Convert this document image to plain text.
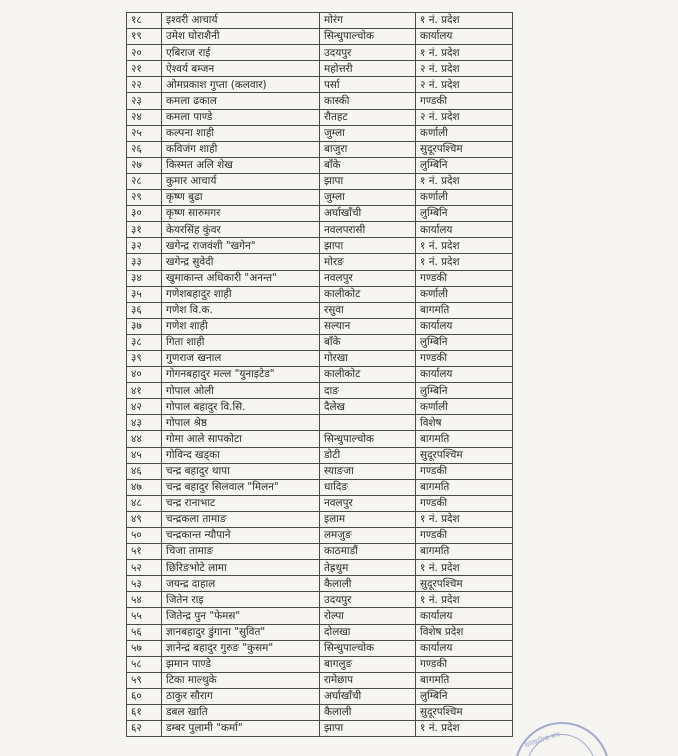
१८	इश्वरी आचार्य	मोरंग	१ नं. प्रदेश
१९	उमेश घोराशैनी	सिन्धुपाल्चोक	कार्यालय
२०	एबिराज राई	उदयपुर	१ नं. प्रदेश
२१	ऐश्वर्य बम्जन	महोत्तरी	२ नं. प्रदेश
२२	ओमप्रकाश गुप्ता (कलवार)	पर्सा	२ नं. प्रदेश
२३	कमला ढकाल	कास्की	गण्डकी
२४	कमला पाण्डे	रौतहट	२ नं. प्रदेश
२५	कल्पना शाही	जुम्ला	कर्णाली
२६	कविजंग शाही	बाजुरा	सुदूरपश्चिम
२७	किस्मत अलि शेख	बाँके	लुम्बिनि
२८	कुमार आचार्य	झापा	१ नं. प्रदेश
२९	कृष्ण बुढा	जुम्ला	कर्णाली
३०	कृष्ण सारुमगर	अर्घाखाँची	लुम्बिनि
३१	केयरसिंह कुंवर	नवलपरासी	कार्यालय
३२	खगेन्द्र राजवंशी "खगेन"	झापा	१ नं. प्रदेश
३३	खगेन्द्र सुवेदी	मोरङ	१ नं. प्रदेश
३४	खुमाकान्त अधिकारी "अनन्त"	नवलपुर	गण्डकी
३५	गणेशबहादुर शाही	कालीकोट	कर्णाली
३६	गणेश वि.क.	रसुवा	बागमति
३७	गणेश शाही	सल्यान	कार्यालय
३८	गिता शाही	बाँके	लुम्बिनि
३९	गुणराज खनाल	गोरखा	गण्डकी
४०	गोगनबहादुर मल्ल "युनाइटेड"	कालीकोट	कार्यालय
४१	गोपाल ओली	दाङ	लुम्बिनि
४२	गोपाल बहादुर वि.सि.	दैलेख	कर्णाली
४३	गोपाल श्रेष्ठ		विशेष
४४	गोमा आले सापकोटा	सिन्धुपाल्चोक	बागमति
४५	गोविन्द खड्का	डोटी	सुदूरपश्चिम
४६	चन्द्र बहादुर थापा	स्याङजा	गण्डकी
४७	चन्द्र बहादुर सिलवाल "मिलन"	धादिङ	बागमति
४८	चन्द्र रानाभाट	नवलपुर	गण्डकी
४९	चन्द्रकला तामाङ	इलाम	१ नं. प्रदेश
५०	चन्द्रकान्त न्यौपाने	लमजुङ	गण्डकी
५१	चिजा तामाङ	काठमाडौं	बागमति
५२	छिरिङभोटे लामा	तेह्रथुम	१ नं. प्रदेश
५३	जयन्द्र दाहाल	कैलाली	सुदूरपश्चिम
५४	जितेन राइ	उदयपुर	१ नं. प्रदेश
५५	जितेन्द्र पुन "फेमस"	रोल्पा	कार्यालय
५६	ज्ञानबहादुर डुंगाना "सुवित"	दोलखा	विशेष प्रदेश
५७	ज्ञानेन्द्र बहादुर गुरुङ "कुसम"	सिन्धुपाल्चोक	कार्यालय
५८	झमान पाण्डे	बागलुङ	गण्डकी
५९	टिका माल्थुके	रामेछाप	बागमति
६०	ठाकुर सौराग	अर्घाखाँची	लुम्बिनि
६१	डबल खाति	कैलाली	सुदूरपश्चिम
६२	डम्बर पुलामी "कर्मा"	झापा	१ नं. प्रदेश
सांस्कृतिक संघ
